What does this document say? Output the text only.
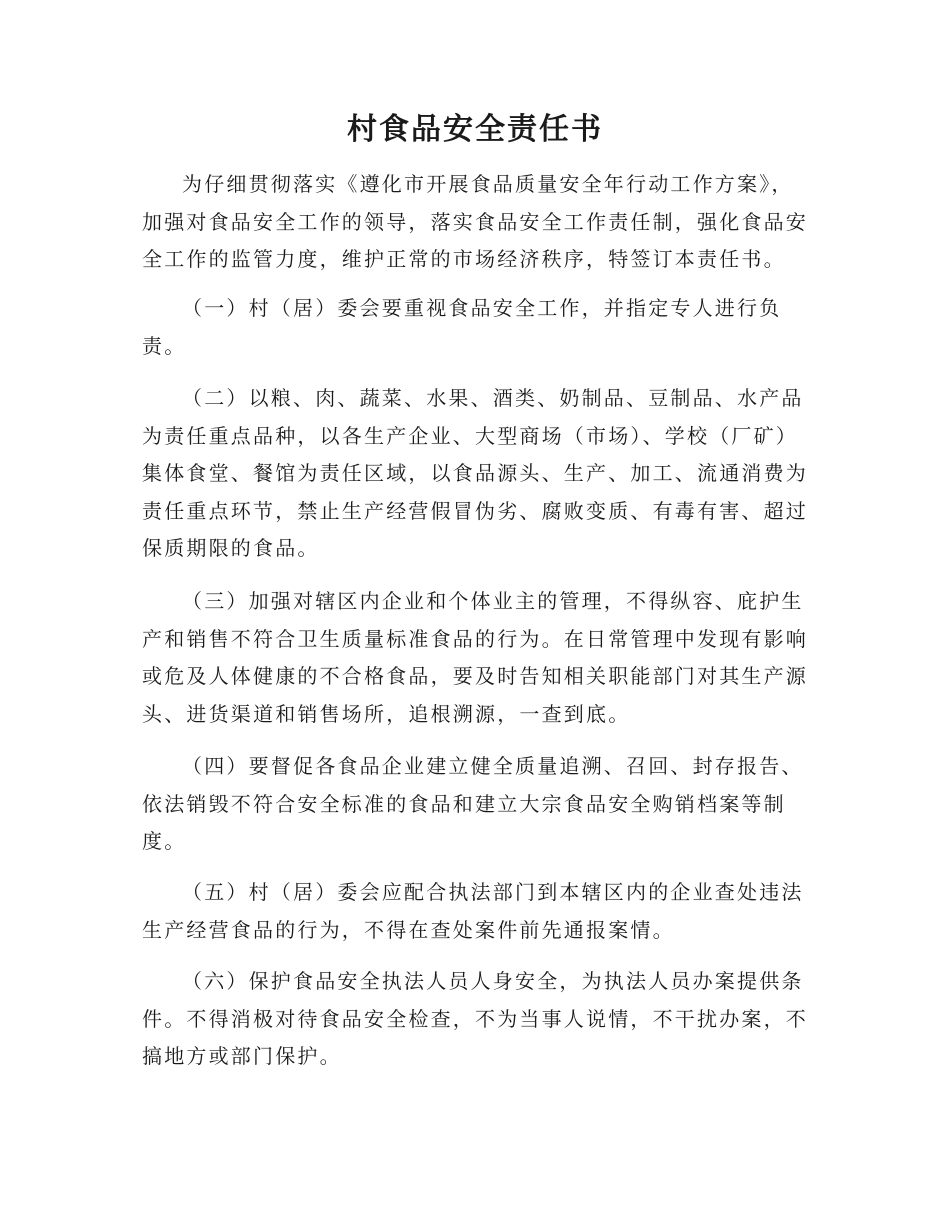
村食品安全责任书
为仔细贯彻落实《遵化市开展食品质量安全年行动工作方案》，
加强对食品安全工作的领导，落实食品安全工作责任制，强化食品安
全工作的监管力度，维护正常的市场经济秩序，特签订本责任书。
（一）村（居）委会要重视食品安全工作，并指定专人进行负
责。
（二）以粮、肉、蔬菜、水果、酒类、奶制品、豆制品、水产品
为责任重点品种，以各生产企业、大型商场（市场）、学校（厂矿）
集体食堂、餐馆为责任区域，以食品源头、生产、加工、流通消费为
责任重点环节，禁止生产经营假冒伪劣、腐败变质、有毒有害、超过
保质期限的食品。
（三）加强对辖区内企业和个体业主的管理，不得纵容、庇护生
产和销售不符合卫生质量标准食品的行为。在日常管理中发现有影响
或危及人体健康的不合格食品，要及时告知相关职能部门对其生产源
头、进货渠道和销售场所，追根溯源，一查到底。
（四）要督促各食品企业建立健全质量追溯、召回、封存报告、
依法销毁不符合安全标准的食品和建立大宗食品安全购销档案等制
度。
（五）村（居）委会应配合执法部门到本辖区内的企业查处违法
生产经营食品的行为，不得在查处案件前先通报案情。
（六）保护食品安全执法人员人身安全，为执法人员办案提供条
件。不得消极对待食品安全检查，不为当事人说情，不干扰办案，不
搞地方或部门保护。
